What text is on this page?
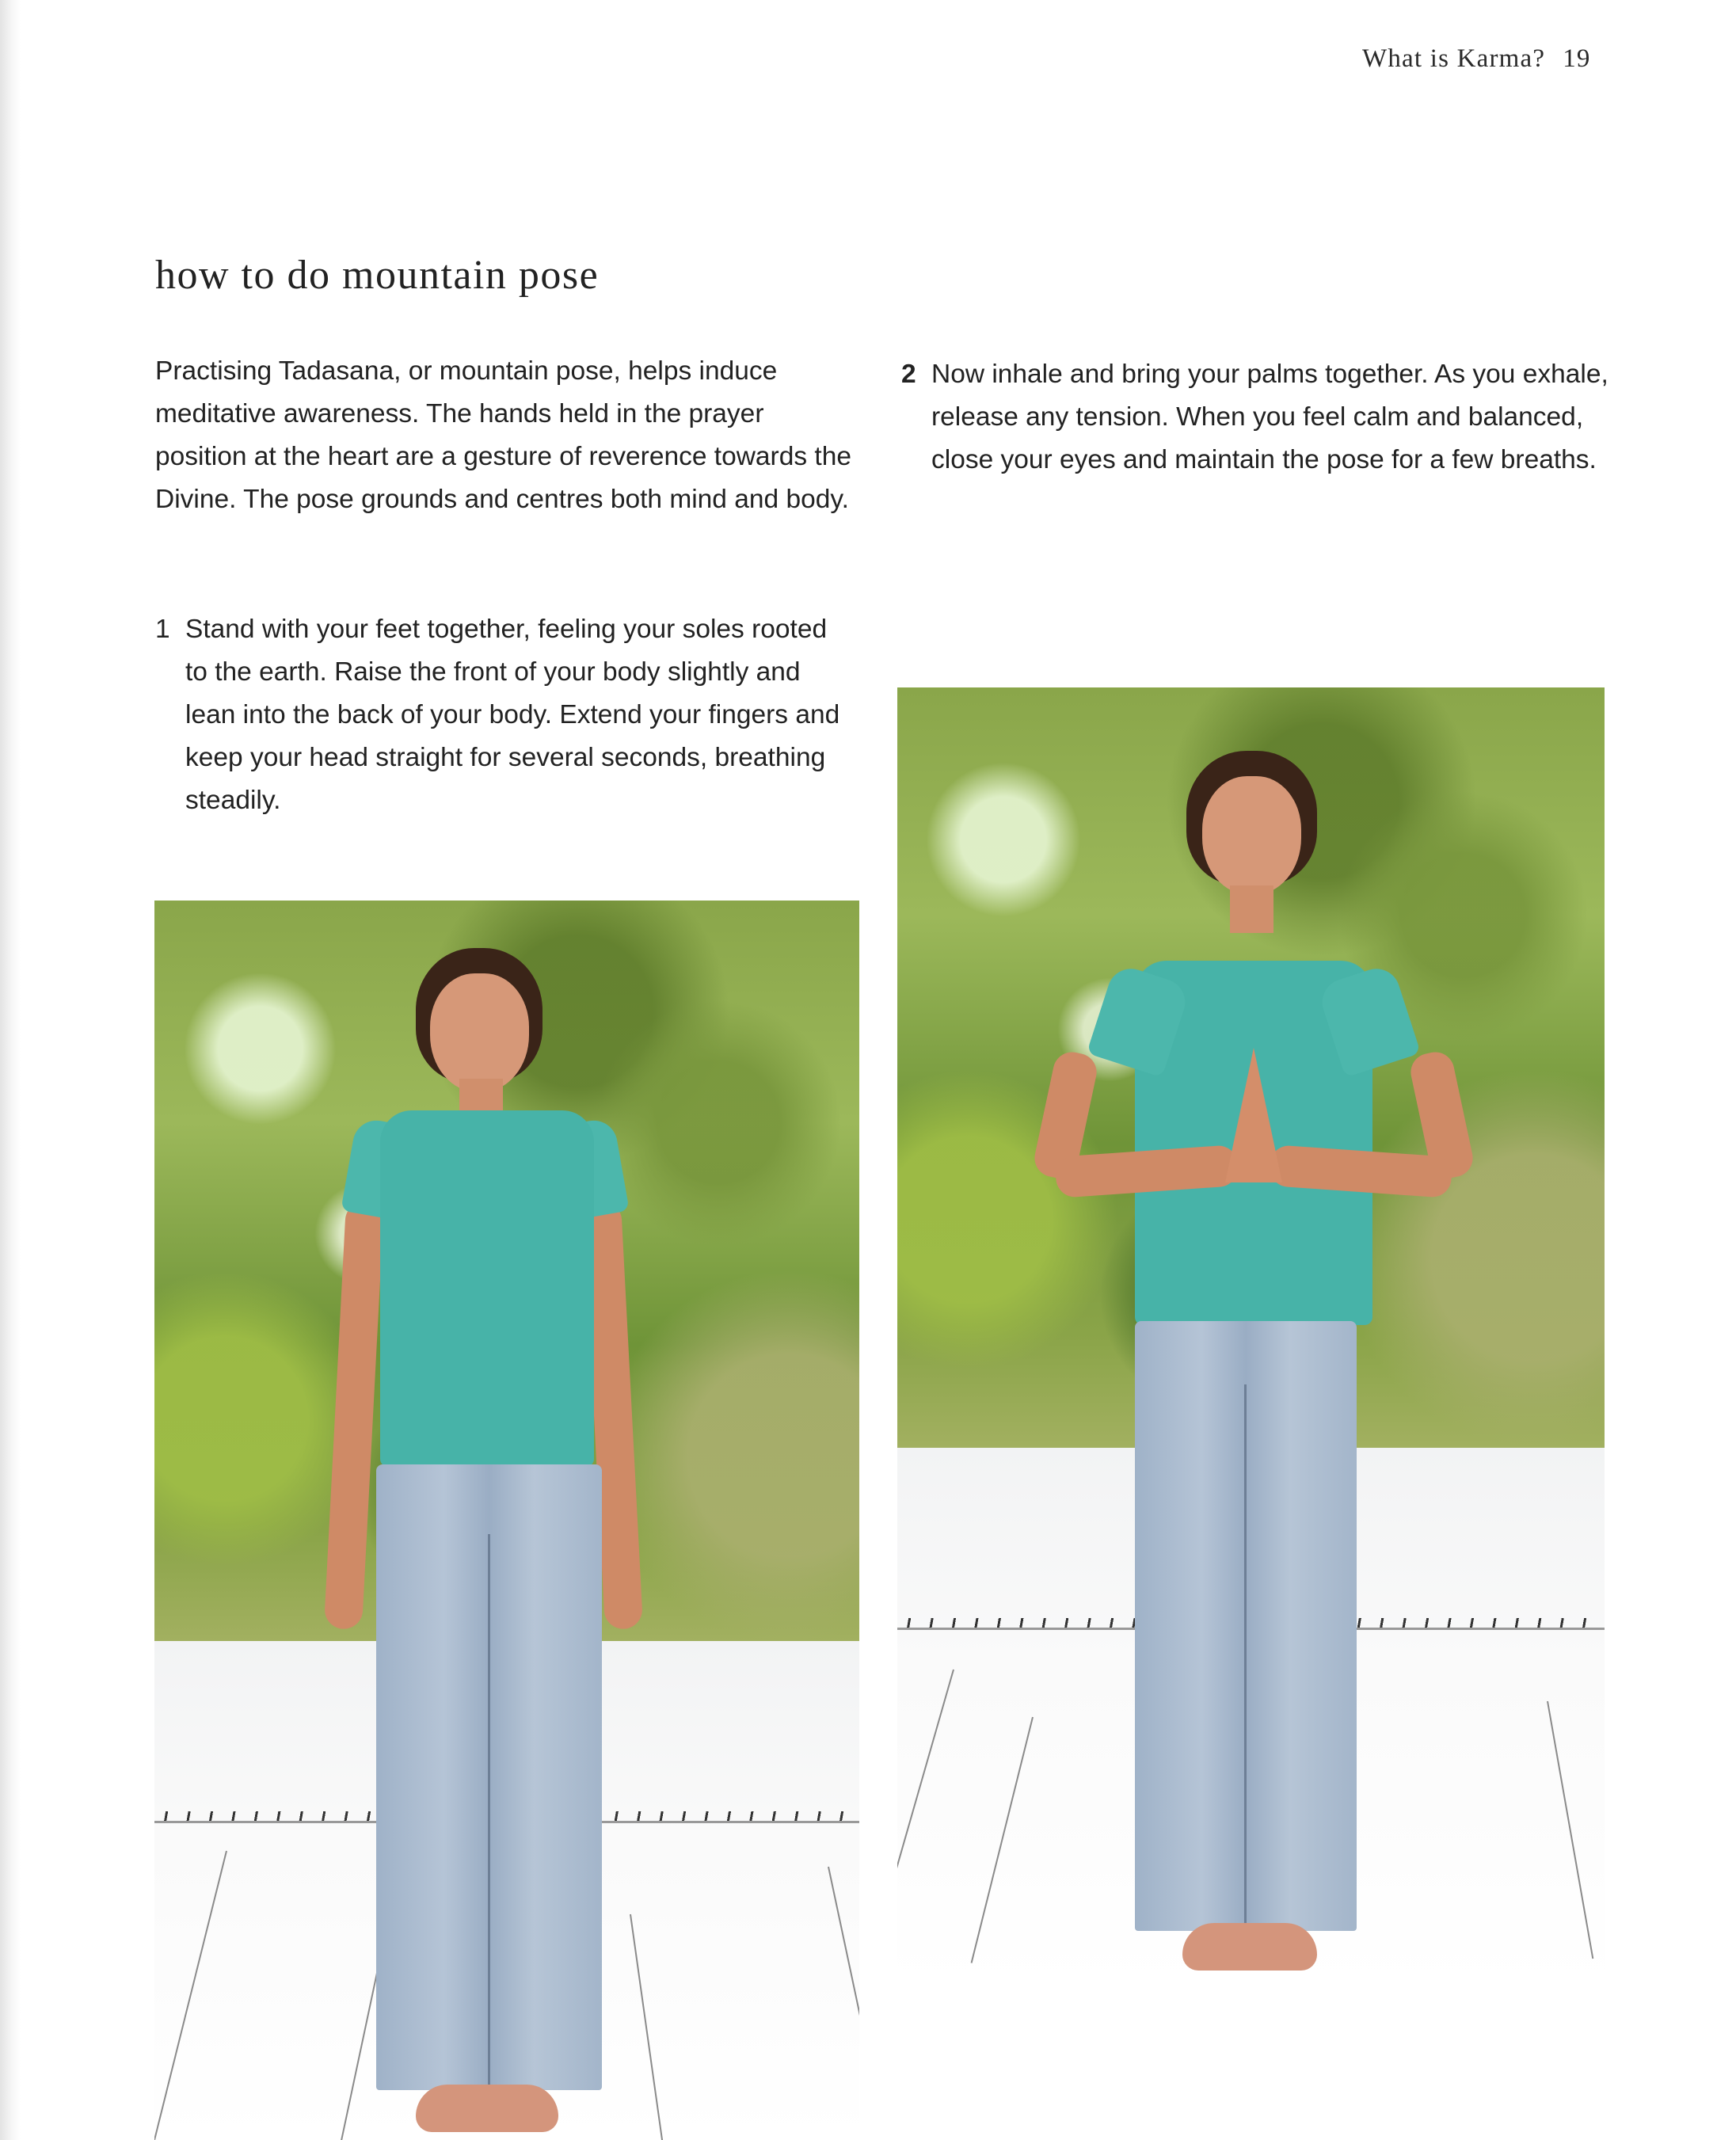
What is Karma? 19
how to do mountain pose

Practising Tadasana, or mountain pose, helps induce meditative awareness. The hands held in the prayer position at the heart are a gesture of reverence towards the Divine. The pose grounds and centres both mind and body.

1 Stand with your feet together, feeling your soles rooted to the earth. Raise the front of your body slightly and lean into the back of your body. Extend your fingers and keep your head straight for several seconds, breathing steadily.
2 Now inhale and bring your palms together. As you exhale, release any tension. When you feel calm and balanced, close your eyes and maintain the pose for a few breaths.
